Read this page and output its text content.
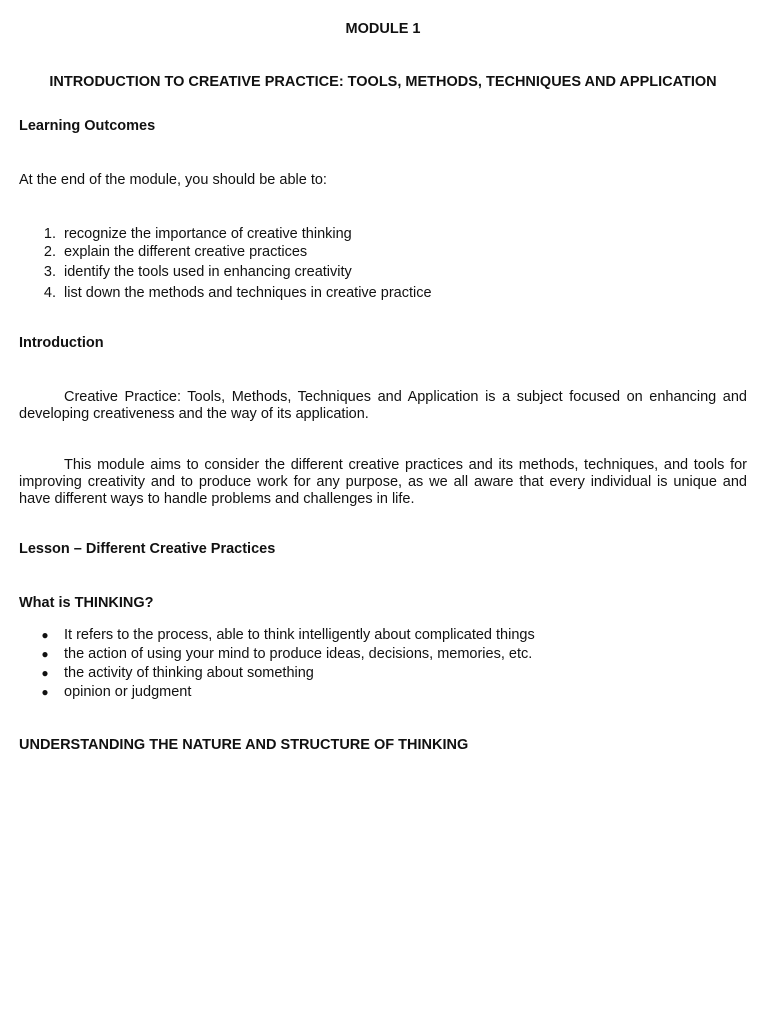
MODULE 1

INTRODUCTION TO CREATIVE PRACTICE: TOOLS, METHODS, TECHNIQUES AND APPLICATION

Learning Outcomes

At the end of the module, you should be able to:

1. recognize the importance of creative thinking
2. explain the different creative practices
3. identify the tools used in enhancing creativity
4. list down the methods and techniques in creative practice

Introduction

Creative Practice: Tools, Methods, Techniques and Application is a subject focused on enhancing and developing creativeness and the way of its application.

This module aims to consider the different creative practices and its methods, techniques, and tools for improving creativity and to produce work for any purpose, as we all aware that every individual is unique and have different ways to handle problems and challenges in life.

Lesson – Different Creative Practices

What is THINKING?

● It refers to the process, able to think intelligently about complicated things
● the action of using your mind to produce ideas, decisions, memories, etc.
● the activity of thinking about something
● opinion or judgment

UNDERSTANDING THE NATURE AND STRUCTURE OF THINKING
